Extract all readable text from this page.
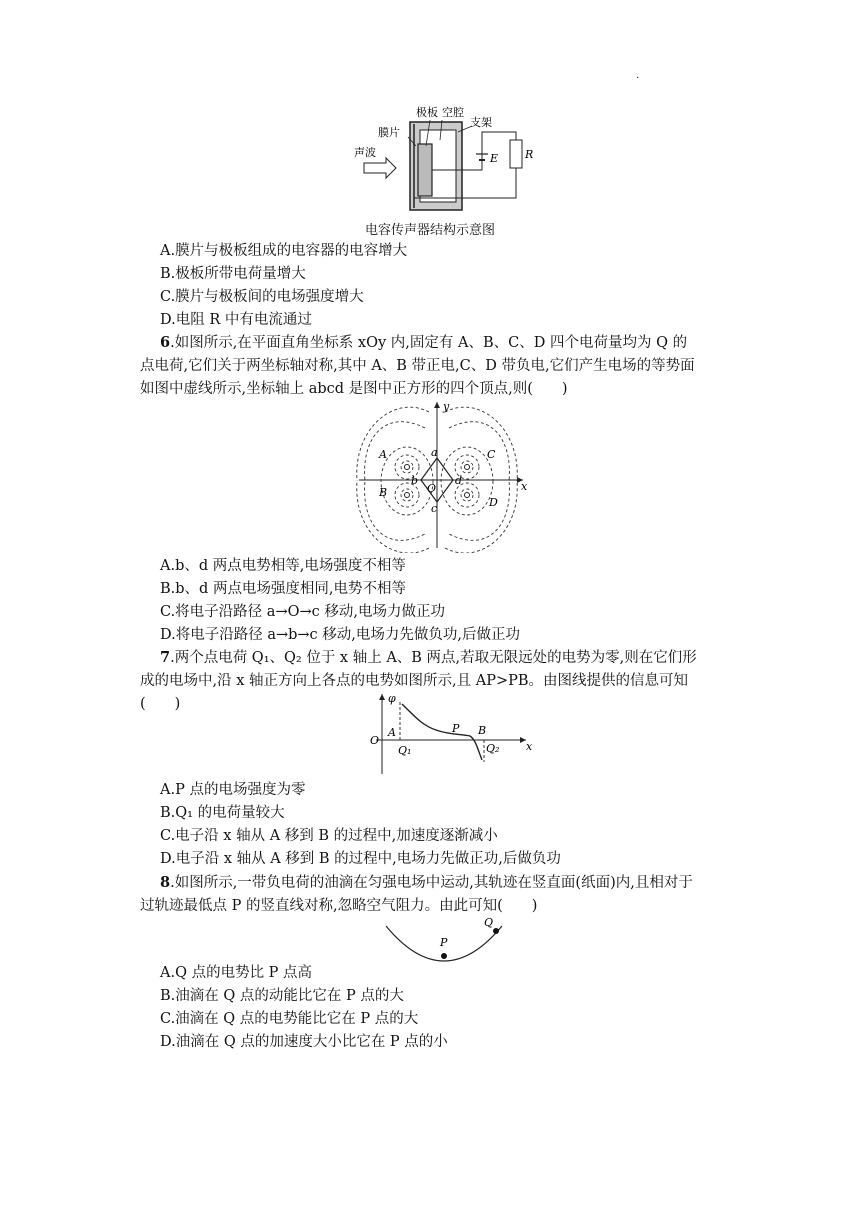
.
膜片
极板 空腔
支架
声波	E R
电容传声器结构示意图
A.膜片与极板组成的电容器的电容增大
B.极板所带电荷量增大
C.膜片与极板间的电场强度增大
D.电阻 R 中有电流通过
6.如图所示,在平面直角坐标系 xOy 内,固定有 A、B、C、D 四个电荷量均为 Q 的点电荷,它们关于两坐标轴对称,其中 A、B 带正电,C、D 带负电,它们产生电场的等势面如图中虚线所示,坐标轴上 abcd 是图中正方形的四个顶点,则(　　)
x
y
A
B
C
D
a
b
c
d
O
A.b、d 两点电势相等,电场强度不相等
B.b、d 两点电场强度相同,电势不相等
C.将电子沿路径 a→O→c 移动,电场力做正功
D.将电子沿路径 a→b→c 移动,电场力先做负功,后做正功
7.两个点电荷 Q₁、Q₂ 位于 x 轴上 A、B 两点,若取无限远处的电势为零,则在它们形成的电场中,沿 x 轴正方向上各点的电势如图所示,且 AP>PB。由图线提供的信息可知(　　)	φ
O
A	P B
Q₁	Q₂ x
A.P 点的电场强度为零
B.Q₁ 的电荷量较大
C.电子沿 x 轴从 A 移到 B 的过程中,加速度逐渐减小
D.电子沿 x 轴从 A 移到 B 的过程中,电场力先做正功,后做负功
8.如图所示,一带负电荷的油滴在匀强电场中运动,其轨迹在竖直面(纸面)内,且相对于过轨迹最低点 P 的竖直线对称,忽略空气阻力。由此可知(　　)
P
Q
A.Q 点的电势比 P 点高
B.油滴在 Q 点的动能比它在 P 点的大
C.油滴在 Q 点的电势能比它在 P 点的大
D.油滴在 Q 点的加速度大小比它在 P 点的小
